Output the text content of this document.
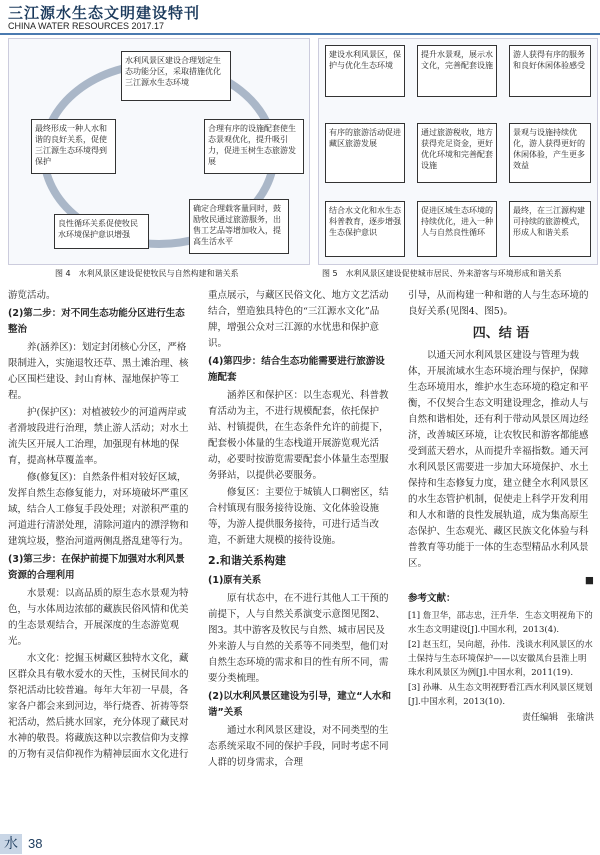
三江源水生态文明建设特刊
CHINA WATER RESOURCES 2017.17
水利风景区建设合理划定生态功能分区，采取措施优化三江源水生态环境
合理有序的设施配套使生态景观优化，提升吸引力，促进玉树生态旅游发展
确定合理载客量同时，鼓励牧民通过旅游服务，出售工艺品等增加收入，提高生活水平
良性循环关系促使牧民水环境保护意识增强
最终形成一种人水和谐的良好关系，促使三江源生态环境得到保护
图 4　水利风景区建设促使牧民与自然构建和谐关系
建设水利风景区，保护与优化生态环境
提升水景观，展示水文化，完善配套设施
游人获得有序的服务和良好休闲体验感受
景观与设施持续优化，游人获得更好的休闲体验，产生更多效益
通过旅游税收，地方获得充足资金，更好优化环境和完善配套设施
有序的旅游活动促进藏区旅游发展
结合水文化和水生态科普教育，逐步增强生态保护意识
促进区域生态环境的持续优化，进入一种人与自然良性循环
最终，在三江源构建可持续的旅游模式，形成人和谐关系
图 5　水利风景区建设促使城市居民、外来游客与环境形成和谐关系

游览活动。

(2)第二步：对不同生态功能分区进行生态整治

养(涵养区)：划定封闭核心分区，严格限制进入，实施退牧还草、黑土滩治理、核心区围栏建设、封山育林、湿地保护等工程。

护(保护区)：对植被较少的河道两岸或者滑坡段进行治理，禁止游人活动；对水土流失区开展人工治理，加强现有林地的保育，提高林草覆盖率。

修(修复区)：自然条件相对较好区域，发挥自然生态修复能力，对环境破坏严重区域，结合人工修复手段处理；对淤积严重的河道进行清淤处理，清除河道内的漂浮物和建筑垃圾，整治河道两侧乱搭乱建等行为。

(3)第三步：在保护前提下加强对水利风景资源的合理利用

水景观：以高品质的原生态水景观为特色，与水体周边浓郁的藏族民俗风情和优美的生态景观结合，开展深度的生态游览观光。

水文化：挖掘玉树藏区独特水文化，藏区群众具有敬水爱水的天性，玉树民间水的祭祀活动比较普遍。每年大年初一早晨，各家各户都会来到河边，举行烧香、祈祷等祭祀活动，然后挑水回家，充分体现了藏民对水神的敬畏。将藏族这种以宗教信仰为支撑的万物有灵信仰视作为精神层面水文化进行

重点展示，与藏区民俗文化、地方文艺活动结合，塑造独具特色的“三江源水文化”品牌，增强公众对三江源的水忧患和保护意识。

(4)第四步：结合生态功能需要进行旅游设施配套

涵养区和保护区：以生态观光、科普教育活动为主，不进行规模配套，依托保护站、村镇提供，在生态条件允许的前提下，配套极小体量的生态栈道开展游览观光活动，必要时按游览需要配套小体量生态型服务驿站，以提供必要服务。

修复区：主要位于城镇人口稠密区，结合村镇现有服务接待设施、文化体验设施等，为游人提供服务接待，可进行适当改造，不新建大规模的接待设施。

2.和谐关系构建
(1)原有关系

原有状态中，在不进行其他人工干预的前提下，人与自然关系演变示意图见图2、图3。其中游客及牧民与自然、城市居民及外来游人与自然的关系等不同类型，他们对自然生态环境的需求和目的性有所不同，需要分类梳理。

(2)以水利风景区建设为引导，建立“人水和谐”关系

通过水利风景区建设，对不同类型的生态系统采取不同的保护手段，同时考虑不同人群的切身需求，合理

引导，从而构建一种和谐的人与生态环境的良好关系(见图4、图5)。

四、结 语

以通天河水利风景区建设与管理为载体，开展流域水生态环境治理与保护，保障生态环境用水，维护水生态环境的稳定和平衡，不仅契合生态文明建设理念，推动人与自然和谐相处，还有利于带动风景区周边经济，改善城区环境，让农牧民和游客都能感受到蓝天碧水，从而提升幸福指数。通天河水利风景区需要进一步加大环境保护、水土保持和生态修复力度，建立健全水利风景区的水生态管护机制，促使走上科学开发利用和人水和谐的良性发展轨道，成为集高原生态保护、生态观光、藏区民族文化体验与科普教育等功能于一体的生态型精品水利风景区。

■
参考文献：

[1] 詹卫华，邵志忠，汪升华．生态文明视角下的水生态文明建设[J].中国水利，2013(4).

[2] 赵玉红，吴向超，孙伟．浅谈水利风景区的水土保持与生态环境保护——以安徽凤台县淮上明珠水利风景区为例[J].中国水利，2011(19).

[3] 孙琳．从生态文明视野看江西水利风景区规划[J].中国水利，2013(10).

责任编辑　张瑜洪
水 38
